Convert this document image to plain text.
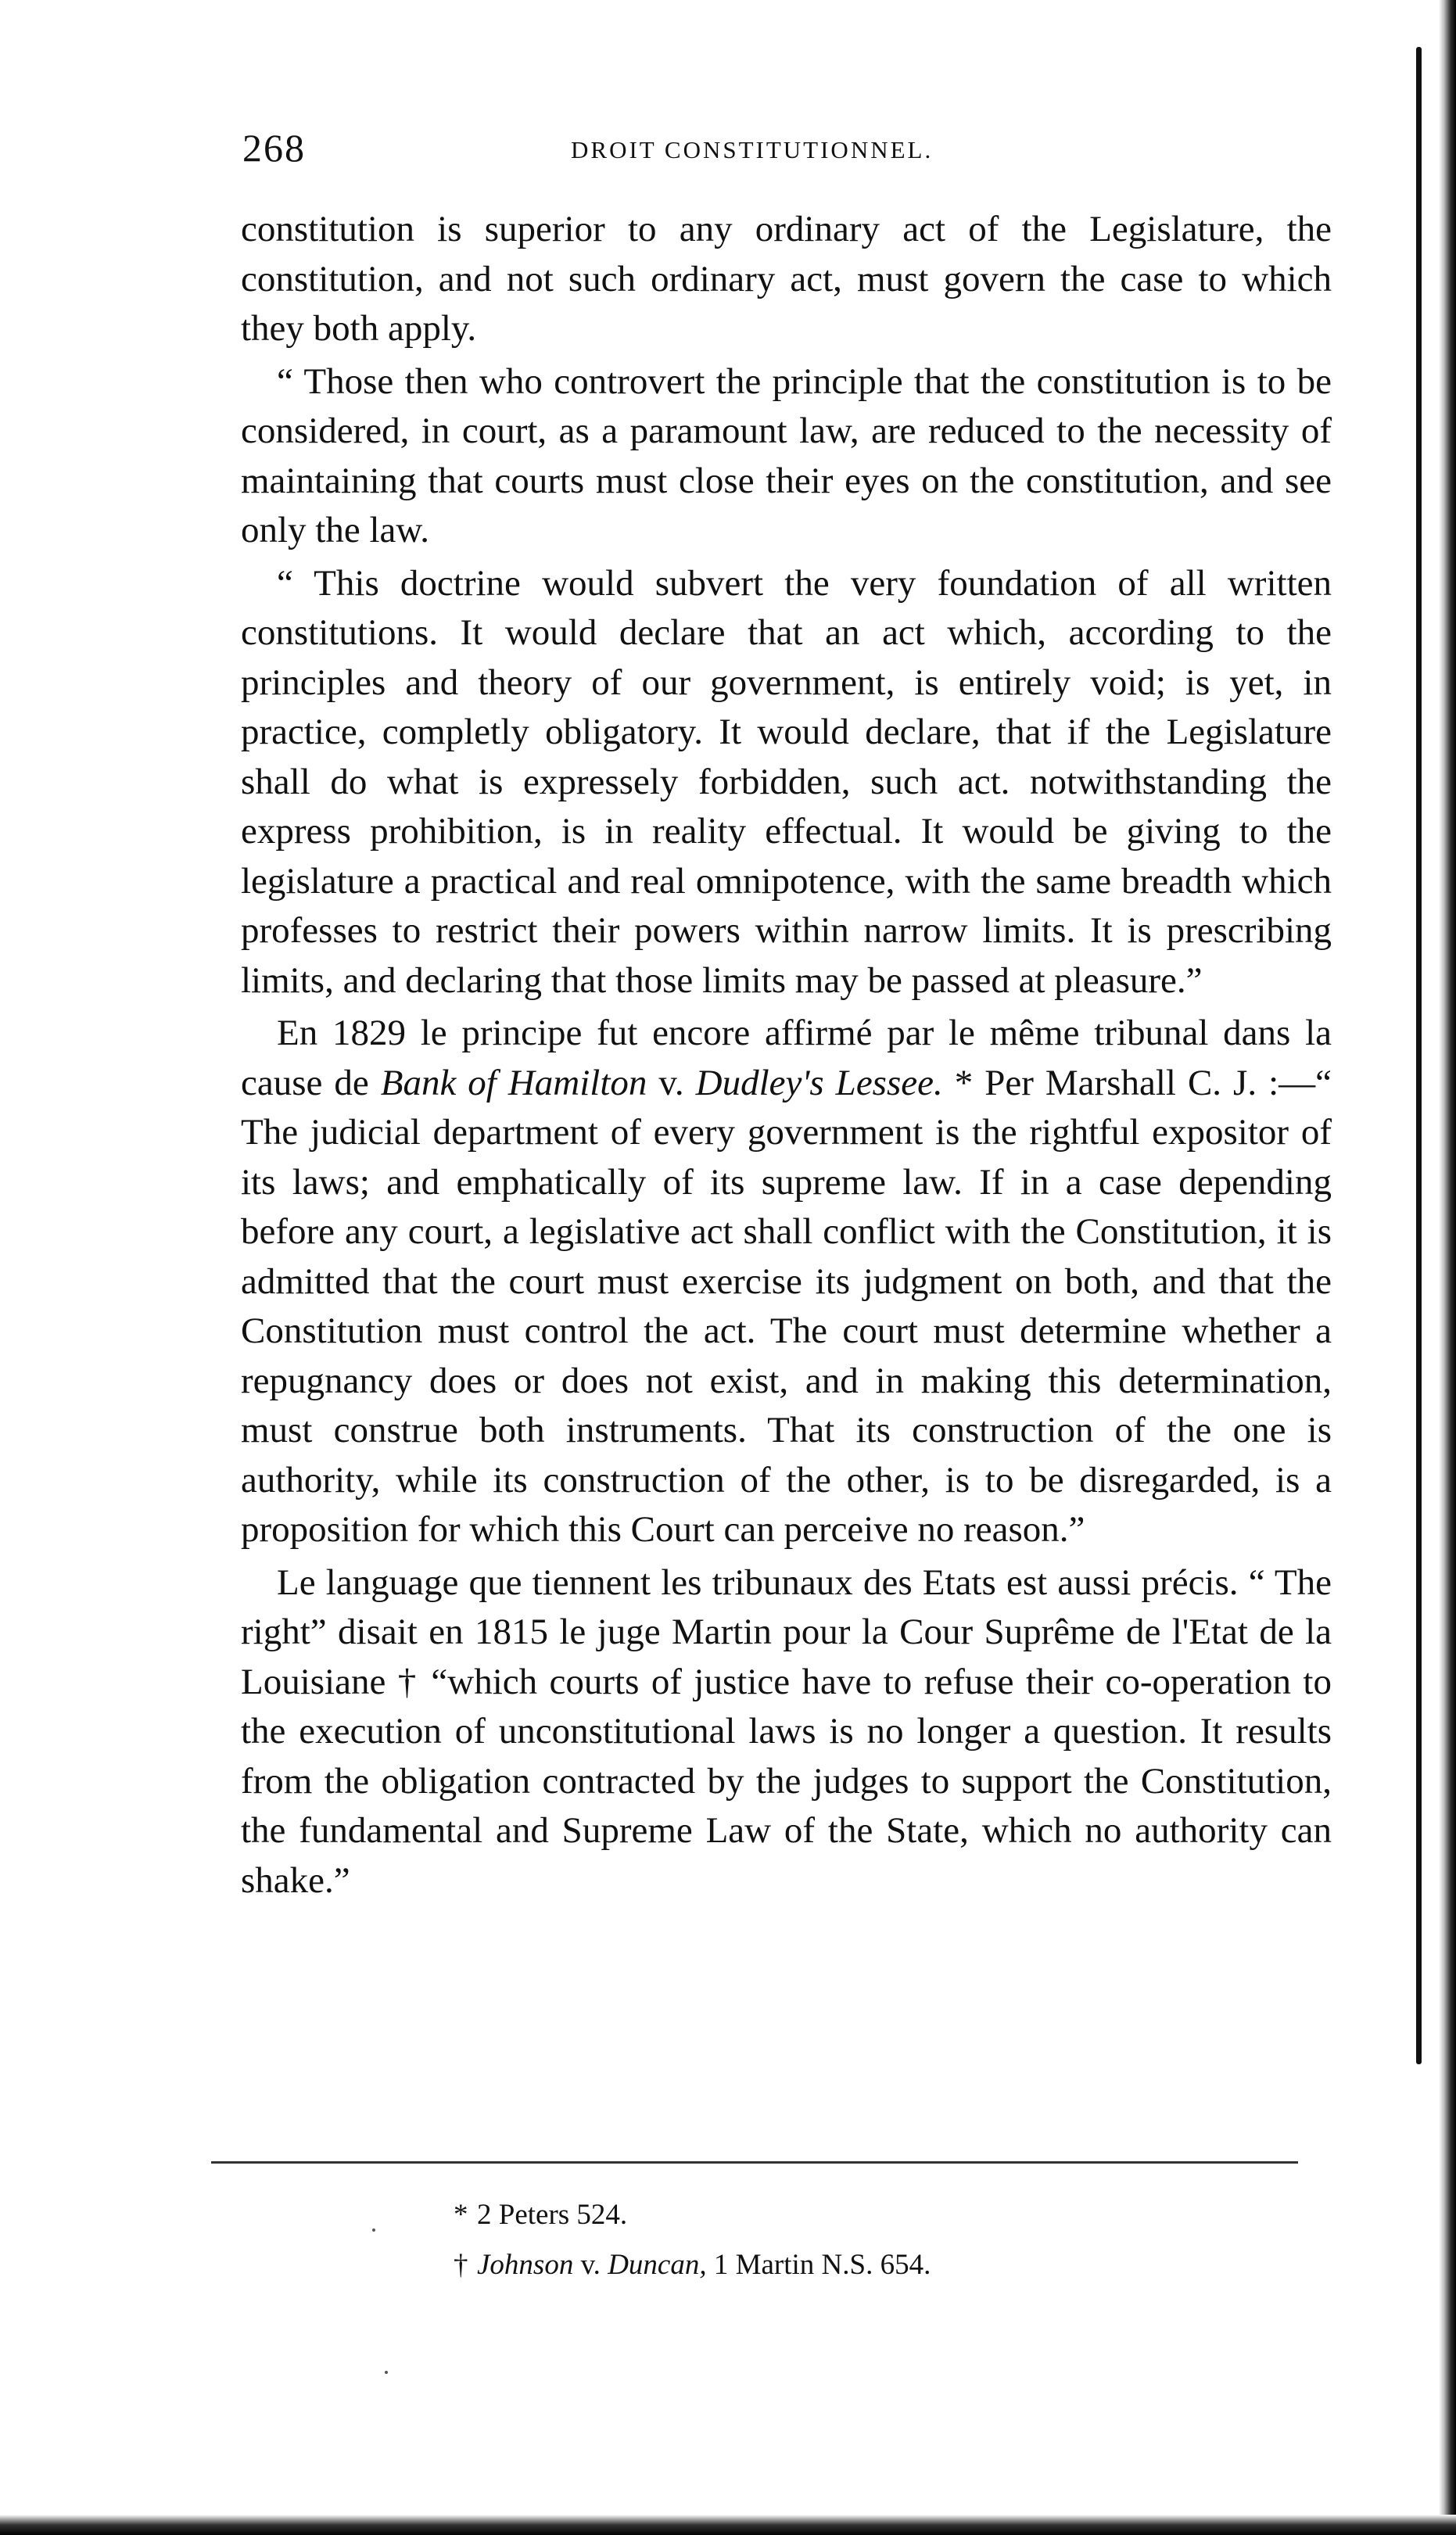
268	DROIT CONSTITUTIONNEL.

constitution is superior to any ordinary act of the Legislature, the constitution, and not such ordinary act, must govern the case to which they both apply.

“ Those then who controvert the principle that the constitution is to be considered, in court, as a paramount law, are reduced to the necessity of maintaining that courts must close their eyes on the constitution, and see only the law.

“ This doctrine would subvert the very foundation of all written constitutions. It would declare that an act which, according to the principles and theory of our government, is entirely void; is yet, in practice, completly obligatory. It would declare, that if the Legislature shall do what is expressely forbidden, such act. notwithstanding the express prohibition, is in reality effectual. It would be giving to the legislature a practical and real omnipotence, with the same breadth which professes to restrict their powers within narrow limits. It is prescribing limits, and declaring that those limits may be passed at pleasure.”

En 1829 le principe fut encore affirmé par le même tribunal dans la cause de Bank of Hamilton v. Dudley's Lessee. * Per Marshall C. J. :—“ The judicial department of every government is the rightful expositor of its laws; and emphatically of its supreme law. If in a case depending before any court, a legislative act shall conflict with the Constitution, it is admitted that the court must exercise its judgment on both, and that the Constitution must control the act. The court must determine whether a repugnancy does or does not exist, and in making this determination, must construe both instruments. That its construction of the one is authority, while its construction of the other, is to be disregarded, is a proposition for which this Court can perceive no reason.”

Le language que tiennent les tribunaux des Etats est aussi précis. “ The right” disait en 1815 le juge Martin pour la Cour Suprême de l'Etat de la Louisiane † “which courts of justice have to refuse their co-operation to the execution of unconstitutional laws is no longer a question. It results from the obligation contracted by the judges to support the Constitution, the fundamental and Supreme Law of the State, which no authority can shake.”

* 2 Peters 524.
† Johnson v. Duncan, 1 Martin N.S. 654.
